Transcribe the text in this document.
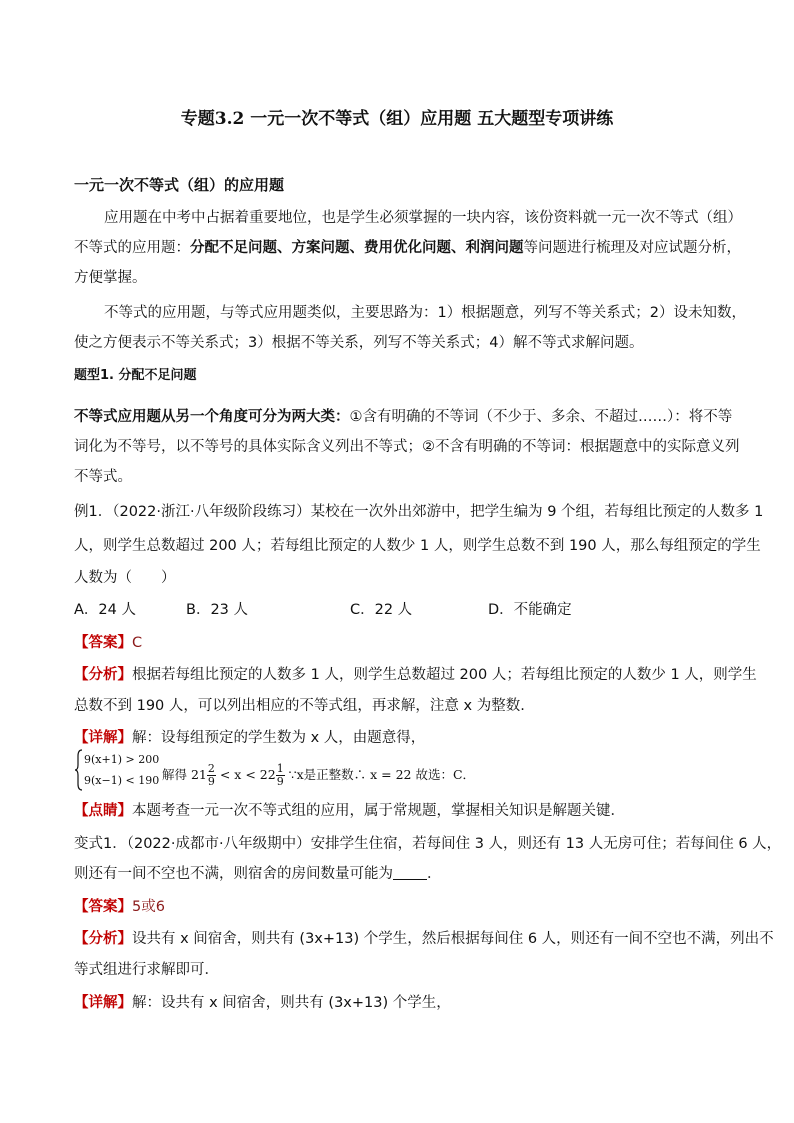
专题3.2 一元一次不等式（组）应用题 五大题型专项讲练
一元一次不等式（组）的应用题
应用题在中考中占据着重要地位，也是学生必须掌握的一块内容，该份资料就一元一次不等式（组）
不等式的应用题：分配不足问题、方案问题、费用优化问题、利润问题等问题进行梳理及对应试题分析，
方便掌握。
不等式的应用题，与等式应用题类似，主要思路为：1）根据题意，列写不等关系式；2）设未知数，
使之方便表示不等关系式；3）根据不等关系，列写不等关系式；4）解不等式求解问题。
题型1. 分配不足问题
不等式应用题从另一个角度可分为两大类：①含有明确的不等词（不少于、多余、不超过……）：将不等
词化为不等号，以不等号的具体实际含义列出不等式；②不含有明确的不等词：根据题意中的实际意义列
不等式。
例1．（2022·浙江·八年级阶段练习）某校在一次外出郊游中，把学生编为 9 个组，若每组比预定的人数多 1
人，则学生总数超过 200 人；若每组比预定的人数少 1 人，则学生总数不到 190 人，那么每组预定的学生
人数为（　　）
A．24 人	B．23 人	C．22 人	D．不能确定
【答案】C
【分析】根据若每组比预定的人数多 1 人，则学生总数超过 200 人；若每组比预定的人数少 1 人，则学生
总数不到 190 人，可以列出相应的不等式组，再求解，注意 x 为整数.
【详解】解：设每组预定的学生数为 x 人，由题意得，
9(x+1) > 200
9(x−1) < 190 解得 $21 \frac{2}{9} < x < 22 \frac{1}{9}$ ∵x是正整数∴ x = 22 故选：C．
【点睛】本题考查一元一次不等式组的应用，属于常规题，掌握相关知识是解题关键．
变式1．（2022·成都市·八年级期中）安排学生住宿，若每间住 3 人，则还有 13 人无房可住；若每间住 6 人，
则还有一间不空也不满，则宿舍的房间数量可能为 ．
【答案】5或6
【分析】设共有 x 间宿舍，则共有 (3x+13) 个学生，然后根据每间住 6 人，则还有一间不空也不满，列出不
等式组进行求解即可．
【详解】解：设共有 x 间宿舍，则共有 (3x+13) 个学生，
